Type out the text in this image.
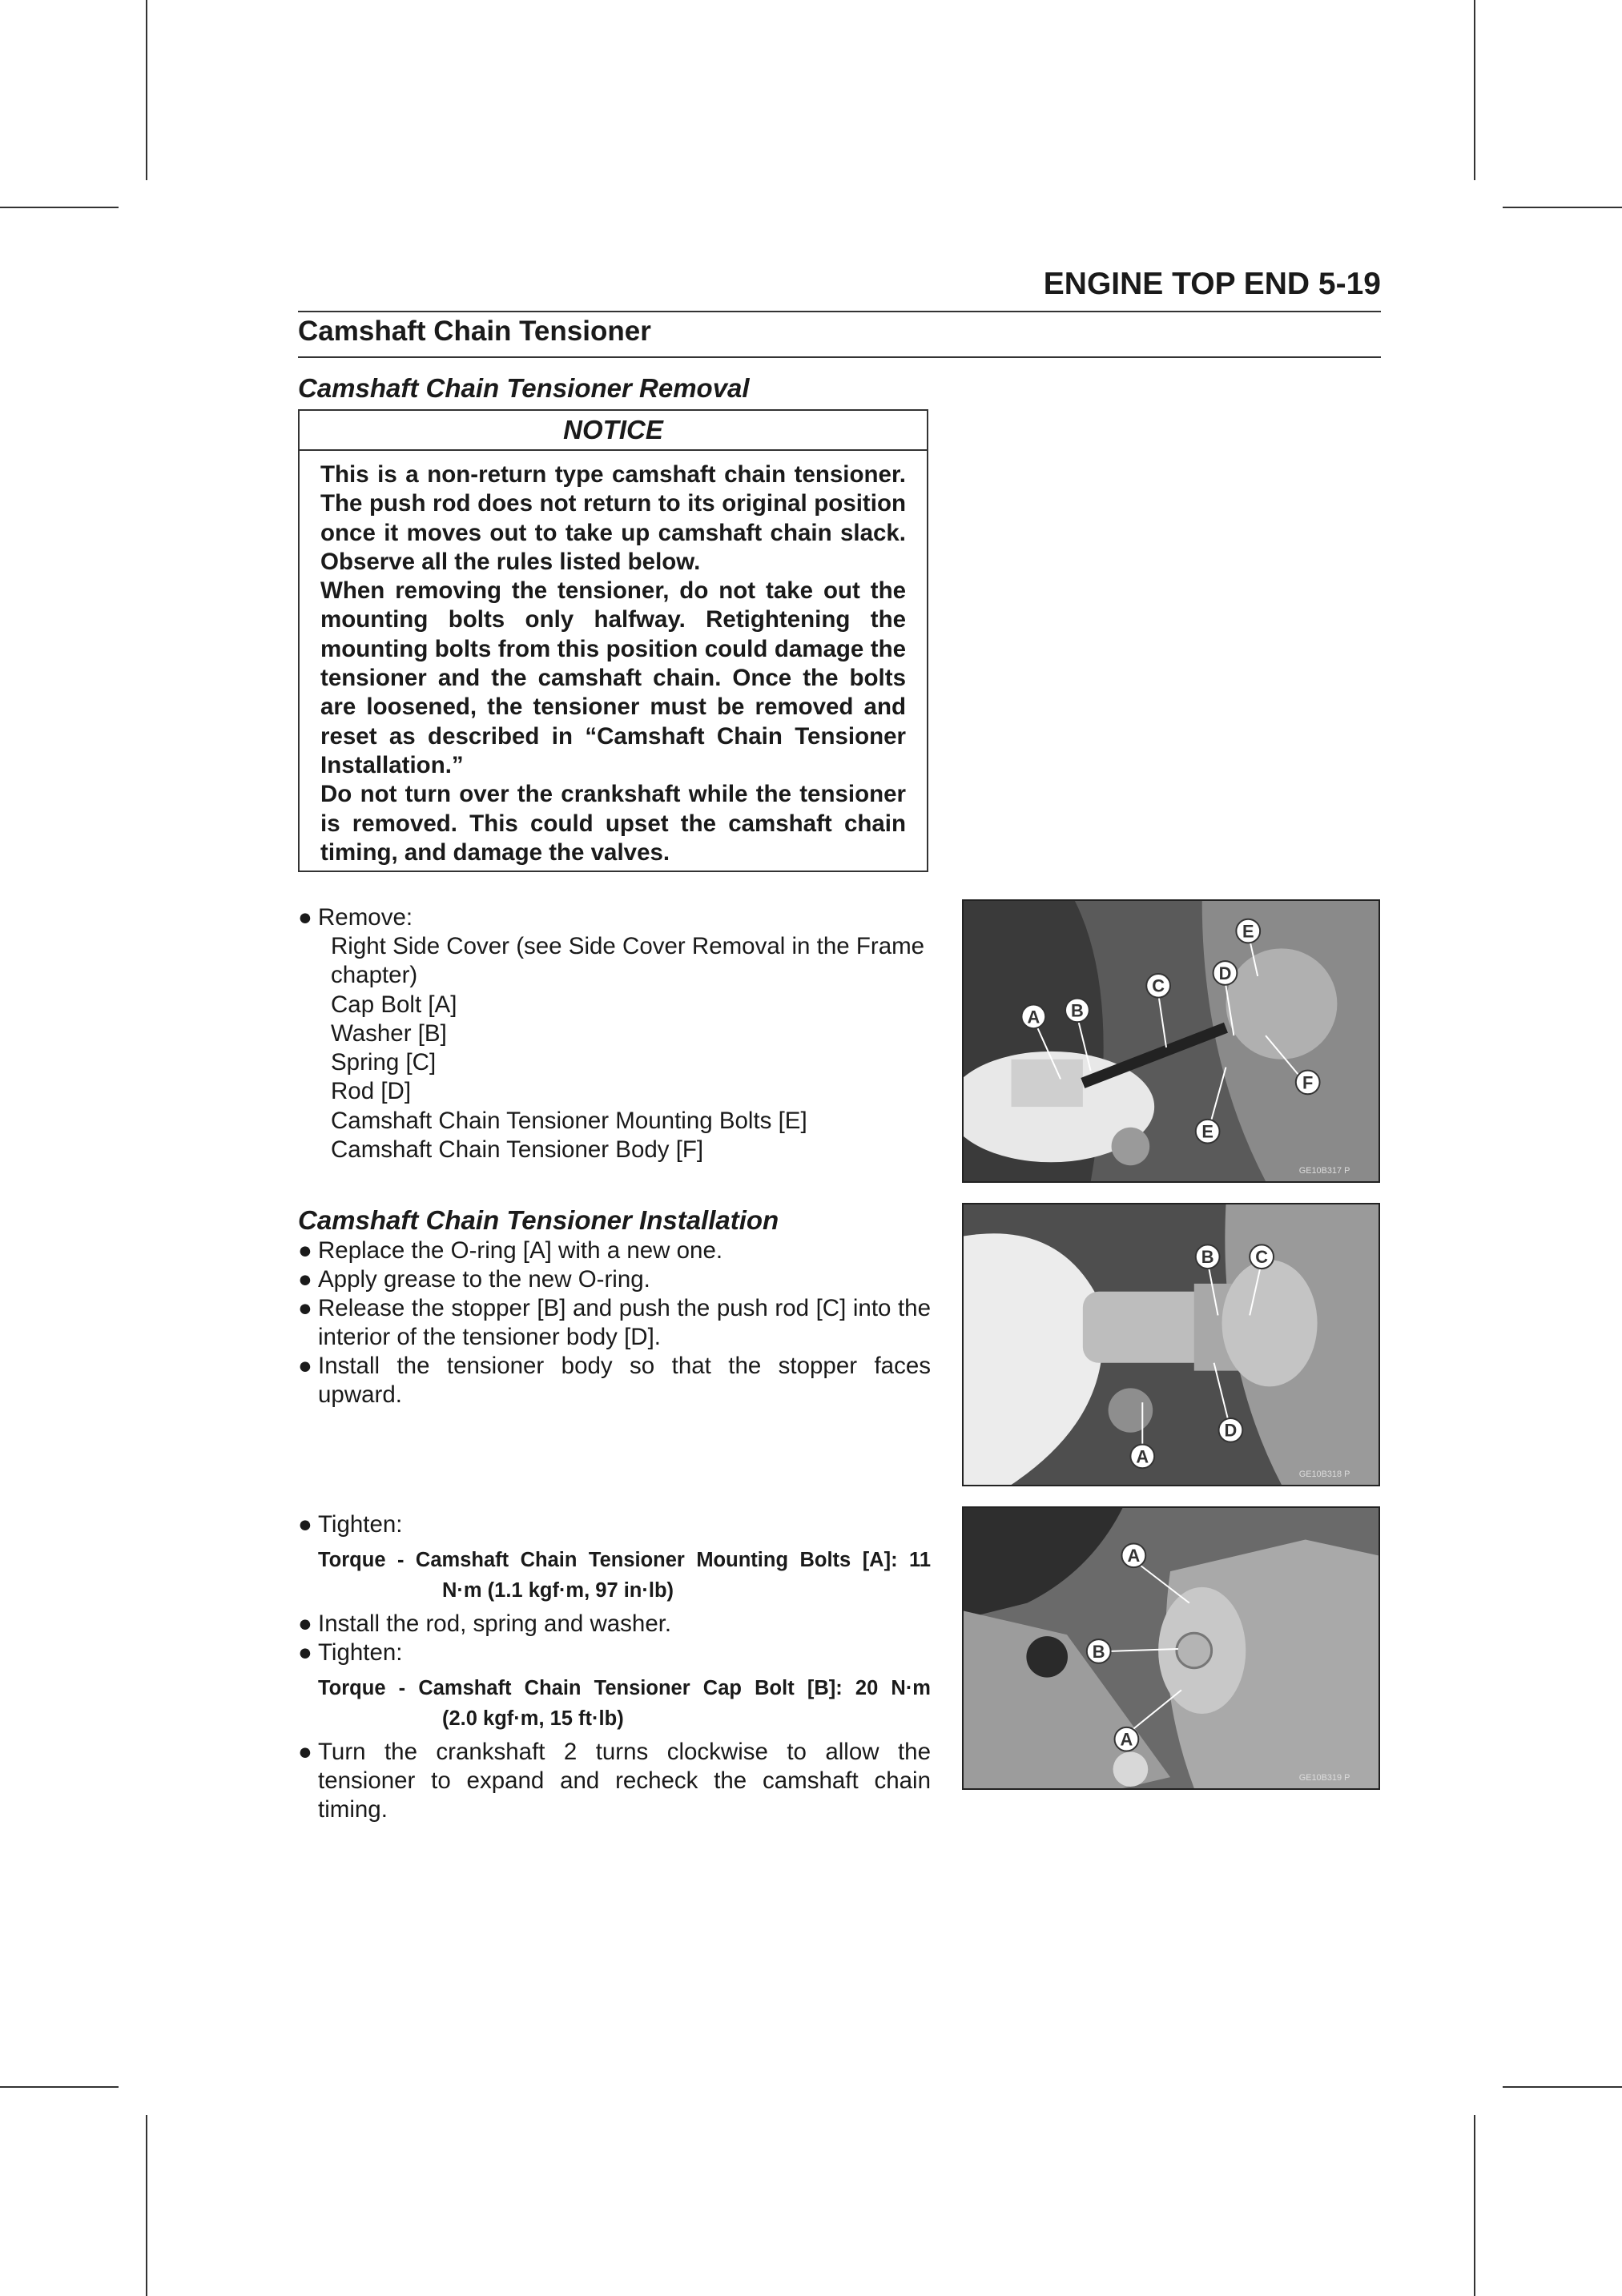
ENGINE TOP END 5-19
Camshaft Chain Tensioner
Camshaft Chain Tensioner Removal
NOTICE

This is a non-return type camshaft chain tensioner. The push rod does not return to its original position once it moves out to take up camshaft chain slack. Observe all the rules listed below.

When removing the tensioner, do not take out the mounting bolts only halfway. Retightening the mounting bolts from this position could damage the tensioner and the camshaft chain. Once the bolts are loosened, the tensioner must be removed and reset as described in “Camshaft Chain Tensioner Installation.”

Do not turn over the crankshaft while the tensioner is removed. This could upset the camshaft chain timing, and damage the valves.

● Remove:
Right Side Cover (see Side Cover Removal in the Frame
chapter)
Cap Bolt [A]
Washer [B]
Spring [C]
Rod [D]
Camshaft Chain Tensioner Mounting Bolts [E]
Camshaft Chain Tensioner Body [F]
Camshaft Chain Tensioner Installation
● Replace the O-ring [A] with a new one.
● Apply grease to the new O-ring.
● Release the stopper [B] and push the push rod [C] into the interior of the tensioner body [D].
● Install the tensioner body so that the stopper faces upward.
● Tighten:
Torque - Camshaft Chain Tensioner Mounting Bolts [A]: 11
N·m (1.1 kgf·m, 97 in·lb)
● Install the rod, spring and washer.
● Tighten:
Torque - Camshaft Chain Tensioner Cap Bolt [B]: 20 N·m
(2.0 kgf·m, 15 ft·lb)
● Turn the crankshaft 2 turns clockwise to allow the tensioner to expand and recheck the camshaft chain timing.
A B
C
D
E
E
F
GE10B317 P
B C
A
D
GE10B318 P
A
B
A
GE10B319 P
